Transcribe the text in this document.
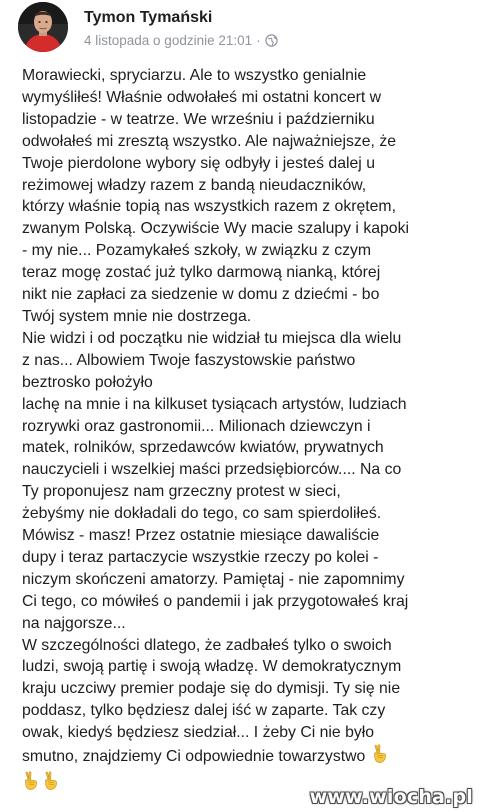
Tymon Tymański
4 listopada o godzinie 21:01 ·
Morawiecki, spryciarzu. Ale to wszystko genialnie
wymyśliłeś! Właśnie odwołałeś mi ostatni koncert w
listopadzie - w teatrze. We wrześniu i październiku
odwołałeś mi zresztą wszystko. Ale najważniejsze, że
Twoje pierdolone wybory się odbyły i jesteś dalej u
reżimowej władzy razem z bandą nieudaczników,
którzy właśnie topią nas wszystkich razem z okrętem,
zwanym Polską. Oczywiście Wy macie szalupy i kapoki
- my nie... Pozamykałeś szkoły, w związku z czym
teraz mogę zostać już tylko darmową nianką, której
nikt nie zapłaci za siedzenie w domu z dziećmi - bo
Twój system mnie nie dostrzega.
Nie widzi i od początku nie widział tu miejsca dla wielu
z nas... Albowiem Twoje faszystowskie państwo
beztrosko położyło
lachę na mnie i na kilkuset tysiącach artystów, ludziach
rozrywki oraz gastronomii... Milionach dziewczyn i
matek, rolników, sprzedawców kwiatów, prywatnych
nauczycieli i wszelkiej maści przedsiębiorców.... Na co
Ty proponujesz nam grzeczny protest w sieci,
żebyśmy nie dokładali do tego, co sam spierdoliłeś.
Mówisz - masz! Przez ostatnie miesiące dawaliście
dupy i teraz partaczycie wszystkie rzeczy po kolei -
niczym skończeni amatorzy. Pamiętaj - nie zapomnimy
Ci tego, co mówiłeś o pandemii i jak przygotowałeś kraj
na najgorsze...
W szczególności dlatego, że zadbałeś tylko o swoich
ludzi, swoją partię i swoją władzę. W demokratycznym
kraju uczciwy premier podaje się do dymisji. Ty się nie
poddasz, tylko będziesz dalej iść w zaparte. Tak czy
owak, kiedyś będziesz siedział... I żeby Ci nie było
smutno, znajdziemy Ci odpowiednie towarzystwo
www.wiocha.pl
